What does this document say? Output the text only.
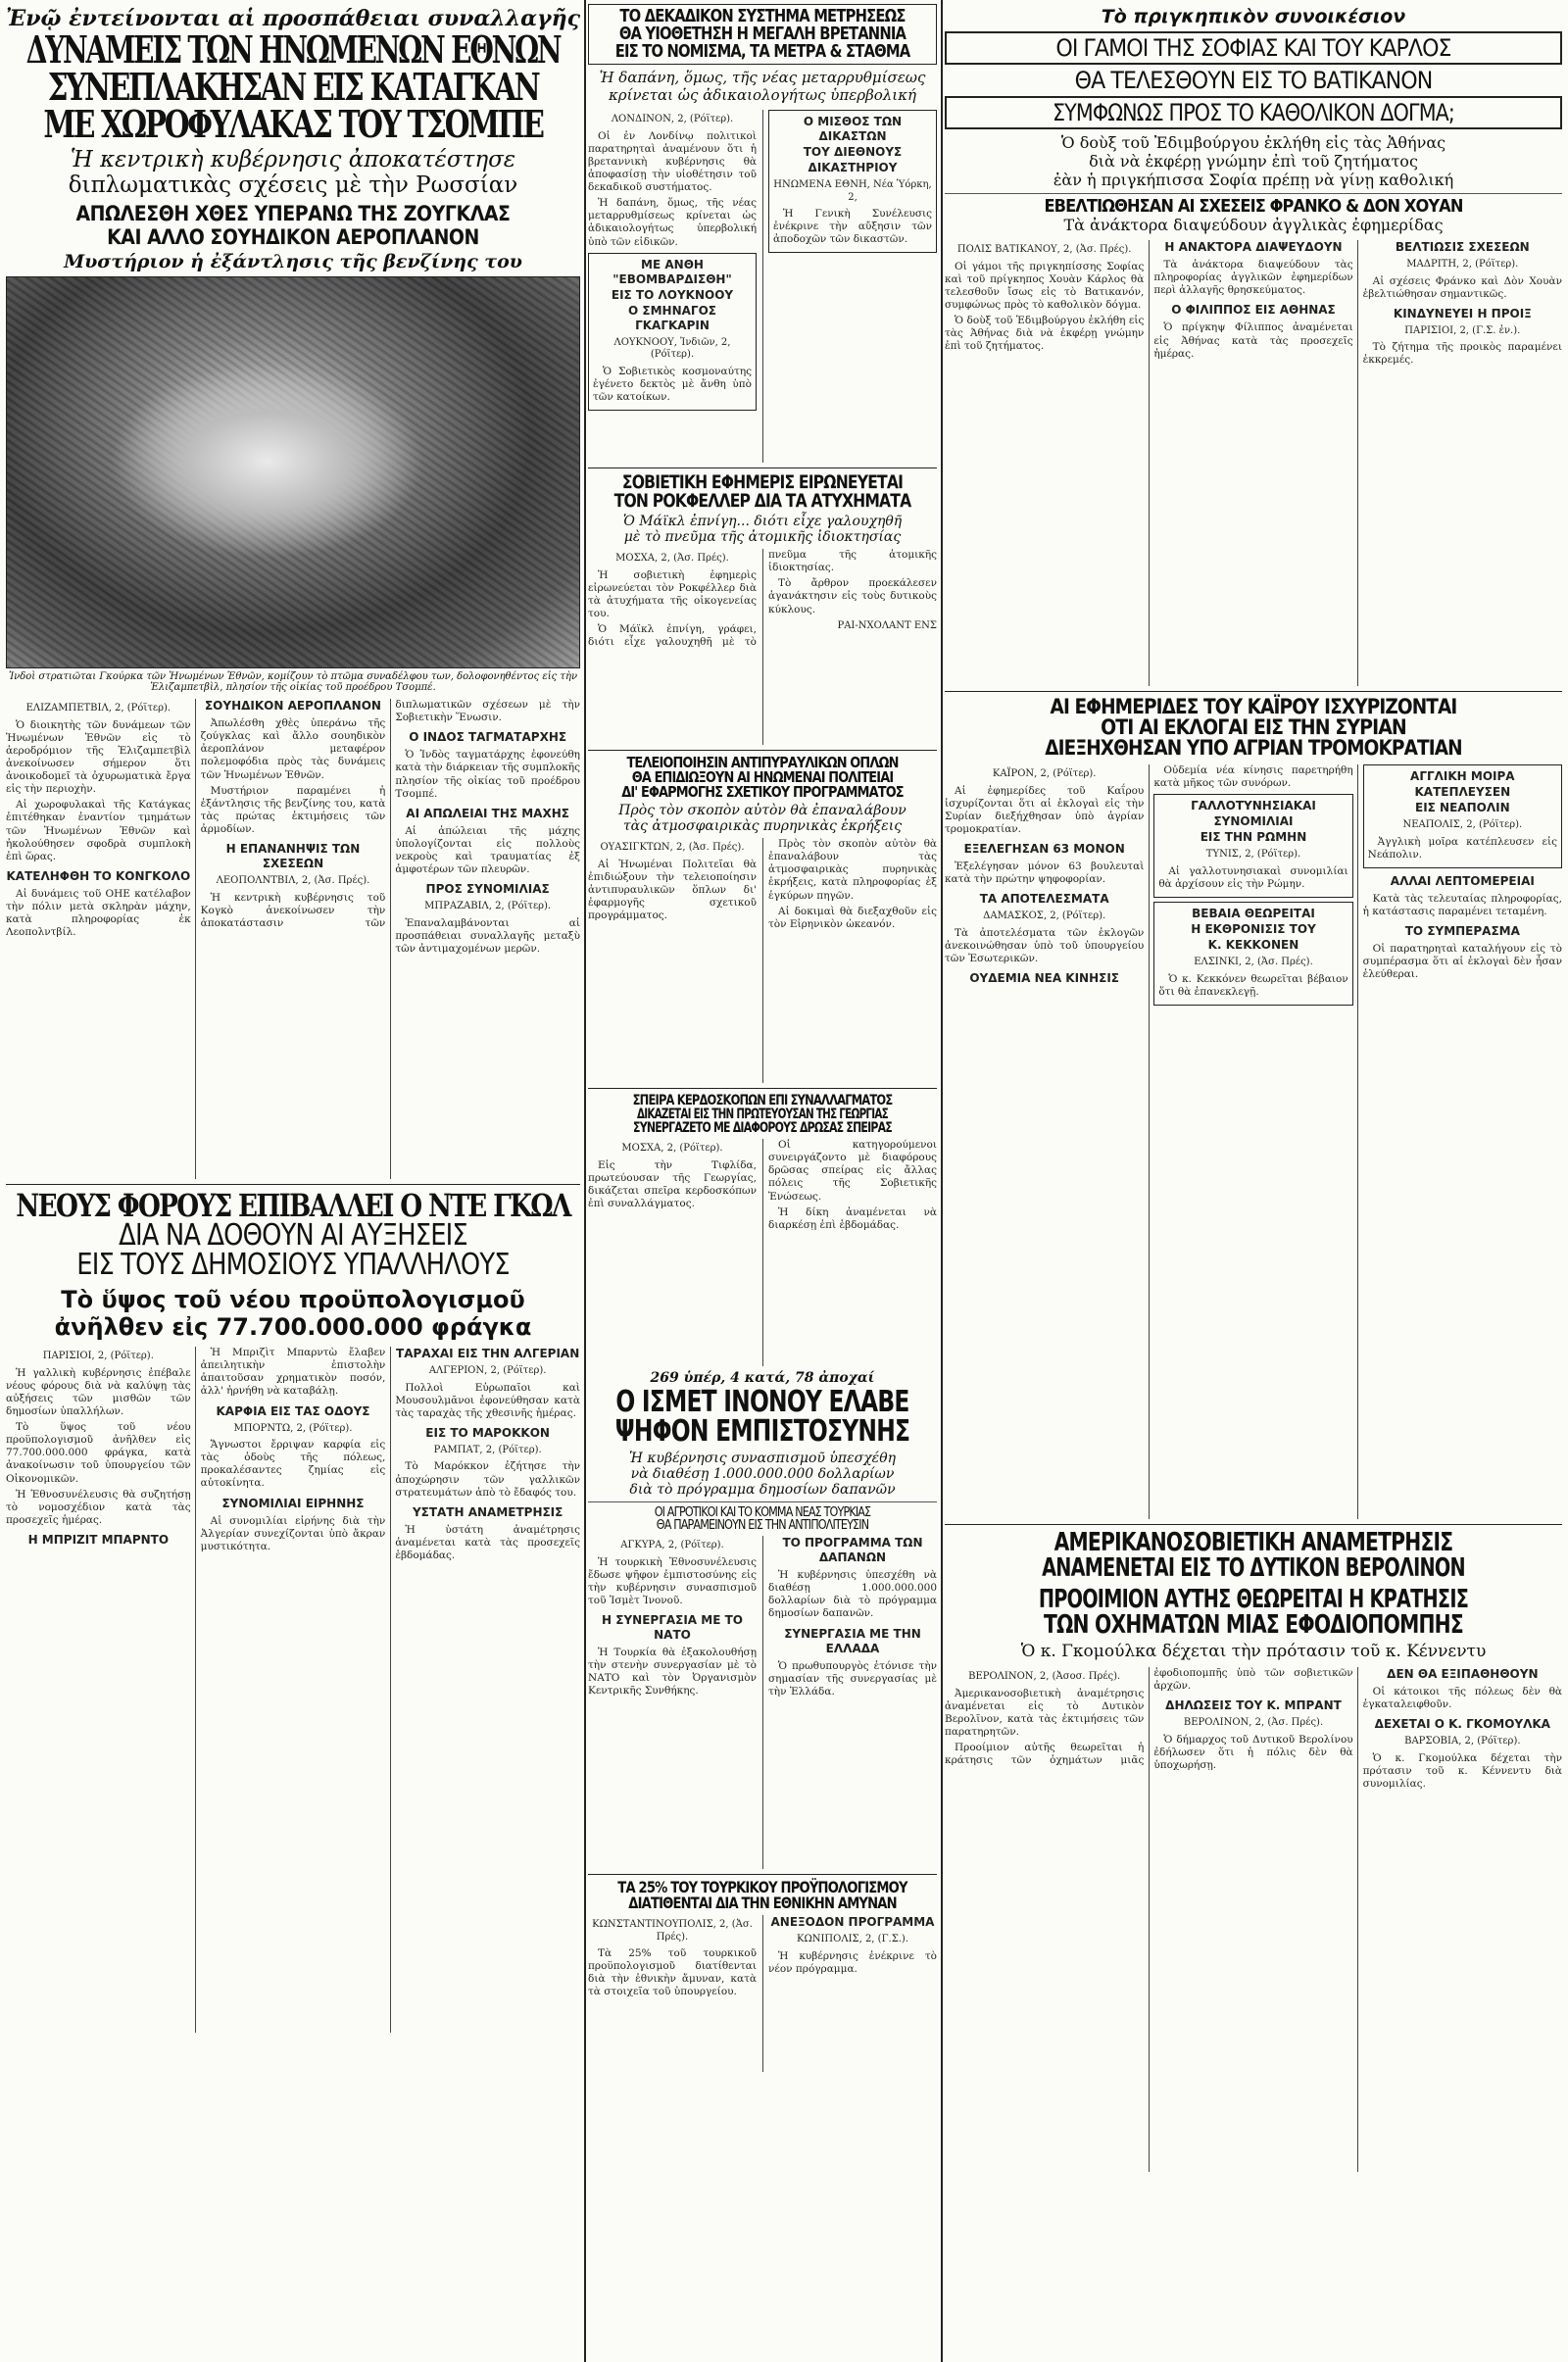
Ἐνῷ ἐντείνονται αἱ προσπάθειαι συναλλαγῆς
ΔΥΝΑΜΕΙΣ ΤΩΝ ΗΝΩΜΕΝΩΝ ΕΘΝΩΝ
ΣΥΝΕΠΛΑΚΗΣΑΝ ΕΙΣ ΚΑΤΑΓΚΑΝ
ΜΕ ΧΩΡΟΦΥΛΑΚΑΣ ΤΟΥ ΤΣΟΜΠΕ
Ἡ κεντρικὴ κυβέρνησις ἀποκατέστησε
διπλωματικὰς σχέσεις μὲ τὴν Ρωσσίαν
ΑΠΩΛΕΣΘΗ ΧΘΕΣ ΥΠΕΡΑΝΩ ΤΗΣ ΖΟΥΓΚΛΑΣ
ΚΑΙ ΑΛΛΟ ΣΟΥΗΔΙΚΟΝ ΑΕΡΟΠΛΑΝΟΝ
Μυστήριον ἡ ἐξάντλησις τῆς βενζίνης του
Ἰνδοὶ στρατιῶται Γκούρκα τῶν Ἡνωμένων Ἐθνῶν, κομίζουν τὸ πτῶμα συναδέλφου των, δολοφονηθέντος εἰς τὴν Ἐλιζαμπετβὶλ, πλησίον τῆς οἰκίας τοῦ προέδρου Τσομπέ.
ΕΛΙΖΑΜΠΕΤΒΙΛ, 2, (Ρόϊτερ).

Ὁ διοικητὴς τῶν δυνάμεων τῶν Ἡνωμένων Ἐθνῶν εἰς τὸ ἀεροδρόμιον τῆς Ἐλιζαμπετβὶλ ἀνεκοίνωσεν σήμερον ὅτι ἀνοικοδομεῖ τὰ ὀχυρωματικὰ ἔργα εἰς τὴν περιοχὴν.

Αἱ χωροφυλακαὶ τῆς Κατάγκας ἐπιτέθηκαν ἐναντίον τμημάτων τῶν Ἡνωμένων Ἐθνῶν καὶ ἠκολούθησεν σφοδρὰ συμπλοκὴ ἐπὶ ὥρας.

ΚΑΤΕΛΗΦΘΗ ΤΟ ΚΟΝΓΚΟΛΟ

Αἱ δυνάμεις τοῦ ΟΗΕ κατέλαβον τὴν πόλιν μετὰ σκληρὰν μάχην, κατὰ πληροφορίας ἐκ Λεοπολντβίλ.

ΣΟΥΗΔΙΚΟΝ ΑΕΡΟΠΛΑΝΟΝ

Ἀπωλέσθη χθὲς ὑπεράνω τῆς ζούγκλας καὶ ἄλλο σουηδικὸν ἀεροπλάνον μεταφέρον πολεμοφόδια πρὸς τὰς δυνάμεις τῶν Ἡνωμένων Ἐθνῶν.

Μυστήριον παραμένει ἡ ἐξάντλησις τῆς βενζίνης του, κατὰ τὰς πρώτας ἐκτιμήσεις τῶν ἀρμοδίων.

Η ΕΠΑΝΑΝΗΨΙΣ ΤΩΝ ΣΧΕΣΕΩΝ
ΛΕΟΠΟΛΝΤΒΙΛ, 2, (Ἀσ. Πρές).

Ἡ κεντρικὴ κυβέρνησις τοῦ Κογκὸ ἀνεκοίνωσεν τὴν ἀποκατάστασιν τῶν διπλωματικῶν σχέσεων μὲ τὴν Σοβιετικὴν Ἕνωσιν.

Ο ΙΝΔΟΣ ΤΑΓΜΑΤΑΡΧΗΣ

Ὁ Ἰνδὸς ταγματάρχης ἐφονεύθη κατὰ τὴν διάρκειαν τῆς συμπλοκῆς πλησίον τῆς οἰκίας τοῦ προέδρου Τσομπέ.

ΑΙ ΑΠΩΛΕΙΑΙ ΤΗΣ ΜΑΧΗΣ

Αἱ ἀπώλειαι τῆς μάχης ὑπολογίζονται εἰς πολλοὺς νεκροὺς καὶ τραυματίας ἐξ ἀμφοτέρων τῶν πλευρῶν.

ΠΡΟΣ ΣΥΝΟΜΙΛΙΑΣ
ΜΠΡΑΖΑΒΙΛ, 2, (Ρόϊτερ).

Ἐπαναλαμβάνονται αἱ προσπάθειαι συναλλαγῆς μεταξὺ τῶν ἀντιμαχομένων μερῶν.

ΝΕΟΥΣ ΦΟΡΟΥΣ ΕΠΙΒΑΛΛΕΙ Ο ΝΤΕ ΓΚΩΛ
ΔΙΑ ΝΑ ΔΟΘΟΥΝ ΑΙ ΑΥΞΗΣΕΙΣ
ΕΙΣ ΤΟΥΣ ΔΗΜΟΣΙΟΥΣ ΥΠΑΛΛΗΛΟΥΣ
Τὸ ὕψος τοῦ νέου προϋπολογισμοῦ
ἀνῆλθεν εἰς 77.700.000.000 φράγκα
ΠΑΡΙΣΙΟΙ, 2, (Ρόϊτερ).

Ἡ γαλλικὴ κυβέρνησις ἐπέβαλε νέους φόρους διὰ νὰ καλύψῃ τὰς αὐξήσεις τῶν μισθῶν τῶν δημοσίων ὑπαλλήλων.

Τὸ ὕψος τοῦ νέου προϋπολογισμοῦ ἀνῆλθεν εἰς 77.700.000.000 φράγκα, κατὰ ἀνακοίνωσιν τοῦ ὑπουργείου τῶν Οἰκονομικῶν.

Ἡ Ἐθνοσυνέλευσις θὰ συζητήσῃ τὸ νομοσχέδιον κατὰ τὰς προσεχεῖς ἡμέρας.

Η ΜΠΡΙΖΙΤ ΜΠΑΡΝΤΟ

Ἡ Μπριζὶτ Μπαρντὼ ἔλαβεν ἀπειλητικὴν ἐπιστολὴν ἀπαιτοῦσαν χρηματικὸν ποσόν, ἀλλ' ἠρνήθη νὰ καταβάλῃ.

ΚΑΡΦΙΑ ΕΙΣ ΤΑΣ ΟΔΟΥΣ
ΜΠΟΡΝΤΩ, 2, (Ρόϊτερ).

Ἄγνωστοι ἔρριψαν καρφία εἰς τὰς ὁδοὺς τῆς πόλεως, προκαλέσαντες ζημίας εἰς αὐτοκίνητα.

ΣΥΝΟΜΙΛΙΑΙ ΕΙΡΗΝΗΣ

Αἱ συνομιλίαι εἰρήνης διὰ τὴν Ἀλγερίαν συνεχίζονται ὑπὸ ἄκραν μυστικότητα.

ΤΑΡΑΧΑΙ ΕΙΣ ΤΗΝ ΑΛΓΕΡΙΑΝ
ΑΛΓΕΡΙΟΝ, 2, (Ρόϊτερ).

Πολλοὶ Εὐρωπαῖοι καὶ Μουσουλμᾶνοι ἐφονεύθησαν κατὰ τὰς ταραχὰς τῆς χθεσινῆς ἡμέρας.

ΕΙΣ ΤΟ ΜΑΡΟΚΚΟΝ
ΡΑΜΠΑΤ, 2, (Ρόϊτερ).

Τὸ Μαρόκκον ἐζήτησε τὴν ἀποχώρησιν τῶν γαλλικῶν στρατευμάτων ἀπὸ τὸ ἔδαφός του.

ΥΣΤΑΤΗ ΑΝΑΜΕΤΡΗΣΙΣ

Ἡ ὑστάτη ἀναμέτρησις ἀναμένεται κατὰ τὰς προσεχεῖς ἑβδομάδας.

ΤΟ ΔΕΚΑΔΙΚΟΝ ΣΥΣΤΗΜΑ ΜΕΤΡΗΣΕΩΣ
ΘΑ ΥΙΟΘΕΤΗΣΗ Η ΜΕΓΑΛΗ ΒΡΕΤΑΝΝΙΑ
ΕΙΣ ΤΟ ΝΟΜΙΣΜΑ, ΤΑ ΜΕΤΡΑ & ΣΤΑΘΜΑ
Ἡ δαπάνη, ὅμως, τῆς νέας μεταρρυθμίσεως
κρίνεται ὡς ἀδικαιολογήτως ὑπερβολική
ΛΟΝΔΙΝΟΝ, 2, (Ρόϊτερ).

Οἱ ἐν Λονδίνῳ πολιτικοὶ παρατηρηταὶ ἀναμένουν ὅτι ἡ βρεταννικὴ κυβέρνησις θὰ ἀποφασίσῃ τὴν υἱοθέτησιν τοῦ δεκαδικοῦ συστήματος.

Ἡ δαπάνη, ὅμως, τῆς νέας μεταρρυθμίσεως κρίνεται ὡς ἀδικαιολογήτως ὑπερβολική ὑπὸ τῶν εἰδικῶν.

ΜΕ ΑΝΘΗ "ΕΒΟΜΒΑΡΔΙΣΘΗ"
ΕΙΣ ΤΟ ΛΟΥΚΝΟΟΥ
Ο ΣΜΗΝΑΓΟΣ ΓΚΑΓΚΑΡΙΝ
ΛΟΥΚΝΟΟΥ, Ἰνδιῶν, 2, (Ρόϊτερ).

Ὁ Σοβιετικὸς κοσμοναύτης ἐγένετο δεκτὸς μὲ ἄνθη ὑπὸ τῶν κατοίκων.

Ο ΜΙΣΘΟΣ ΤΩΝ ΔΙΚΑΣΤΩΝ
ΤΟΥ ΔΙΕΘΝΟΥΣ
ΔΙΚΑΣΤΗΡΙΟΥ
ΗΝΩΜΕΝΑ ΕΘΝΗ, Νέα Ὑόρκη, 2,

Ἡ Γενικὴ Συνέλευσις ἐνέκρινε τὴν αὔξησιν τῶν ἀποδοχῶν τῶν δικαστῶν.

ΣΟΒΙΕΤΙΚΗ ΕΦΗΜΕΡΙΣ ΕΙΡΩΝΕΥΕΤΑΙ
ΤΟΝ ΡΟΚΦΕΛΛΕΡ ΔΙΑ ΤΑ ΑΤΥΧΗΜΑΤΑ
Ὁ Μάϊκλ ἐπνίγη... διότι εἶχε γαλουχηθῆ
μὲ τὸ πνεῦμα τῆς ἀτομικῆς ἰδιοκτησίας
ΜΟΣΧΑ, 2, (Ἀσ. Πρές).

Ἡ σοβιετικὴ ἐφημερὶς εἰρωνεύεται τὸν Ροκφέλλερ διὰ τὰ ἀτυχήματα τῆς οἰκογενείας του.

Ὁ Μάϊκλ ἐπνίγη, γράφει, διότι εἶχε γαλουχηθῆ μὲ τὸ πνεῦμα τῆς ἀτομικῆς ἰδιοκτησίας.

Τὸ ἄρθρον προεκάλεσεν ἀγανάκτησιν εἰς τοὺς δυτικοὺς κύκλους.

ΡΑΙ-ΝΧΟΛΑΝΤ ΕΝΣ
ΤΕΛΕΙΟΠΟΙΗΣΙΝ ΑΝΤΙΠΥΡΑΥΛΙΚΩΝ ΟΠΛΩΝ
ΘΑ ΕΠΙΔΙΩΞΟΥΝ ΑΙ ΗΝΩΜΕΝΑΙ ΠΟΛΙΤΕΙΑΙ
ΔΙ' ΕΦΑΡΜΟΓΗΣ ΣΧΕΤΙΚΟΥ ΠΡΟΓΡΑΜΜΑΤΟΣ
Πρὸς τὸν σκοπὸν αὐτὸν θὰ ἐπαναλάβουν
τὰς ἀτμοσφαιρικὰς πυρηνικὰς ἐκρήξεις
ΟΥΑΣΙΓΚΤΩΝ, 2, (Ἀσ. Πρές).

Αἱ Ἡνωμέναι Πολιτεῖαι θὰ ἐπιδιώξουν τὴν τελειοποίησιν ἀντιπυραυλικῶν ὅπλων δι' ἐφαρμογῆς σχετικοῦ προγράμματος.

Πρὸς τὸν σκοπὸν αὐτὸν θὰ ἐπαναλάβουν τὰς ἀτμοσφαιρικὰς πυρηνικὰς ἐκρήξεις, κατὰ πληροφορίας ἐξ ἐγκύρων πηγῶν.

Αἱ δοκιμαὶ θὰ διεξαχθοῦν εἰς τὸν Εἰρηνικὸν ὠκεανόν.

ΣΠΕΙΡΑ ΚΕΡΔΟΣΚΟΠΩΝ ΕΠΙ ΣΥΝΑΛΛΑΓΜΑΤΟΣ
ΔΙΚΑΖΕΤΑΙ ΕΙΣ ΤΗΝ ΠΡΩΤΕΥΟΥΣΑΝ ΤΗΣ ΓΕΩΡΓΙΑΣ
ΣΥΝΕΡΓΑΖΕΤΟ ΜΕ ΔΙΑΦΟΡΟΥΣ ΔΡΩΣΑΣ ΣΠΕΙΡΑΣ
ΜΟΣΧΑ, 2, (Ρόϊτερ).

Εἰς τὴν Τιφλίδα, πρωτεύουσαν τῆς Γεωργίας, δικάζεται σπεῖρα κερδοσκόπων ἐπὶ συναλλάγματος.

Οἱ κατηγορούμενοι συνειργάζοντο μὲ διαφόρους δρῶσας σπείρας εἰς ἄλλας πόλεις τῆς Σοβιετικῆς Ἑνώσεως.

Ἡ δίκη ἀναμένεται νὰ διαρκέσῃ ἐπὶ ἑβδομάδας.

269 ὑπέρ, 4 κατά, 78 ἀποχαί
Ο ΙΣΜΕΤ ΙΝΟΝΟΥ ΕΛΑΒΕ
ΨΗΦΟΝ ΕΜΠΙΣΤΟΣΥΝΗΣ
Ἡ κυβέρνησις συνασπισμοῦ ὑπεσχέθη
νὰ διαθέσῃ 1.000.000.000 δολλαρίων
διὰ τὸ πρόγραμμα δημοσίων δαπανῶν
ΟΙ ΑΓΡΟΤΙΚΟΙ ΚΑΙ ΤΟ ΚΟΜΜΑ ΝΕΑΣ ΤΟΥΡΚΙΑΣ
ΘΑ ΠΑΡΑΜΕΙΝΟΥΝ ΕΙΣ ΤΗΝ ΑΝΤΙΠΟΛΙΤΕΥΣΙΝ
ΑΓΚΥΡΑ, 2, (Ρόϊτερ).

Ἡ τουρκικὴ Ἐθνοσυνέλευσις ἔδωσε ψῆφον ἐμπιστοσύνης εἰς τὴν κυβέρνησιν συνασπισμοῦ τοῦ Ἰσμὲτ Ἰνονοῦ.

Η ΣΥΝΕΡΓΑΣΙΑ ΜΕ ΤΟ ΝΑΤΟ

Ἡ Τουρκία θὰ ἐξακολουθήσῃ τὴν στενὴν συνεργασίαν μὲ τὸ ΝΑΤΟ καὶ τὸν Ὀργανισμὸν Κεντρικῆς Συνθήκης.

ΤΟ ΠΡΟΓΡΑΜΜΑ ΤΩΝ ΔΑΠΑΝΩΝ

Ἡ κυβέρνησις ὑπεσχέθη νὰ διαθέσῃ 1.000.000.000 δολλαρίων διὰ τὸ πρόγραμμα δημοσίων δαπανῶν.

ΣΥΝΕΡΓΑΣΙΑ ΜΕ ΤΗΝ ΕΛΛΑΔΑ

Ὁ πρωθυπουργὸς ἐτόνισε τὴν σημασίαν τῆς συνεργασίας μὲ τὴν Ἑλλάδα.

ΤΑ 25% ΤΟΥ ΤΟΥΡΚΙΚΟΥ ΠΡΟΫΠΟΛΟΓΙΣΜΟΥ
ΔΙΑΤΙΘΕΝΤΑΙ ΔΙΑ ΤΗΝ ΕΘΝΙΚΗΝ ΑΜΥΝΑΝ
ΚΩΝΣΤΑΝΤΙΝΟΥΠΟΛΙΣ, 2, (Ἀσ. Πρές).

Τὰ 25% τοῦ τουρκικοῦ προϋπολογισμοῦ διατίθενται διὰ τὴν ἐθνικὴν ἄμυναν, κατὰ τὰ στοιχεῖα τοῦ ὑπουργείου.

ΑΝΕΞΟΔΟΝ ΠΡΟΓΡΑΜΜΑ
ΚΩΝΙΠΟΛΙΣ, 2, (Γ.Σ.).

Ἡ κυβέρνησις ἐνέκρινε τὸ νέον πρόγραμμα.

Τὸ πριγκηπικὸν συνοικέσιον
ΟΙ ΓΑΜΟΙ ΤΗΣ ΣΟΦΙΑΣ ΚΑΙ ΤΟΥ ΚΑΡΛΟΣ
ΘΑ ΤΕΛΕΣΘΟΥΝ ΕΙΣ ΤΟ ΒΑΤΙΚΑΝΟΝ
ΣΥΜΦΩΝΩΣ ΠΡΟΣ ΤΟ ΚΑΘΟΛΙΚΟΝ ΔΟΓΜΑ;
Ὁ δοὺξ τοῦ Ἐδιμβούργου ἐκλήθη εἰς τὰς Ἀθήνας
διὰ νὰ ἐκφέρῃ γνώμην ἐπὶ τοῦ ζητήματος
ἐὰν ἡ πριγκήπισσα Σοφία πρέπῃ νὰ γίνῃ καθολική
ΕΒΕΛΤΙΩΘΗΣΑΝ ΑΙ ΣΧΕΣΕΙΣ ΦΡΑΝΚΟ & ΔΟΝ ΧΟΥΑΝ
Τὰ ἀνάκτορα διαψεύδουν ἀγγλικὰς ἐφημερίδας
ΠΟΛΙΣ ΒΑΤΙΚΑΝΟΥ, 2, (Ἀσ. Πρές).

Οἱ γάμοι τῆς πριγκηπίσσης Σοφίας καὶ τοῦ πρίγκηπος Χουὰν Κάρλος θὰ τελεσθοῦν ἴσως εἰς τὸ Βατικανόν, συμφώνως πρὸς τὸ καθολικὸν δόγμα.

Ὁ δοὺξ τοῦ Ἐδιμβούργου ἐκλήθη εἰς τὰς Ἀθήνας διὰ νὰ ἐκφέρῃ γνώμην ἐπὶ τοῦ ζητήματος.

Η ΑΝΑΚΤΟΡΑ ΔΙΑΨΕΥΔΟΥΝ

Τὰ ἀνάκτορα διαψεύδουν τὰς πληροφορίας ἀγγλικῶν ἐφημερίδων περὶ ἀλλαγῆς θρησκεύματος.

Ο ΦΙΛΙΠΠΟΣ ΕΙΣ ΑΘΗΝΑΣ

Ὁ πρίγκηψ Φίλιππος ἀναμένεται εἰς Ἀθήνας κατὰ τὰς προσεχεῖς ἡμέρας.

ΒΕΛΤΙΩΣΙΣ ΣΧΕΣΕΩΝ
ΜΑΔΡΙΤΗ, 2, (Ρόϊτερ).

Αἱ σχέσεις Φράνκο καὶ Δὸν Χουὰν ἐβελτιώθησαν σημαντικῶς.

ΚΙΝΔΥΝΕΥΕΙ Η ΠΡΟΙΞ
ΠΑΡΙΣΙΟΙ, 2, (Γ.Σ. ἐν.).

Τὸ ζήτημα τῆς προικὸς παραμένει ἐκκρεμές.

ΑΙ ΕΦΗΜΕΡΙΔΕΣ ΤΟΥ ΚΑΪΡΟΥ ΙΣΧΥΡΙΖΟΝΤΑΙ
ΟΤΙ ΑΙ ΕΚΛΟΓΑΙ ΕΙΣ ΤΗΝ ΣΥΡΙΑΝ
ΔΙΕΞΗΧΘΗΣΑΝ ΥΠΟ ΑΓΡΙΑΝ ΤΡΟΜΟΚΡΑΤΙΑΝ
ΚΑΪΡΟΝ, 2, (Ρόϊτερ).

Αἱ ἐφημερίδες τοῦ Καΐρου ἰσχυρίζονται ὅτι αἱ ἐκλογαὶ εἰς τὴν Συρίαν διεξήχθησαν ὑπὸ ἀγρίαν τρομοκρατίαν.

ΕΞΕΛΕΓΗΣΑΝ 63 ΜΟΝΟΝ

Ἐξελέγησαν μόνον 63 βουλευταὶ κατὰ τὴν πρώτην ψηφοφορίαν.

ΤΑ ΑΠΟΤΕΛΕΣΜΑΤΑ
ΔΑΜΑΣΚΟΣ, 2, (Ρόϊτερ).

Τὰ ἀποτελέσματα τῶν ἐκλογῶν ἀνεκοινώθησαν ὑπὸ τοῦ ὑπουργείου τῶν Ἐσωτερικῶν.

ΟΥΔΕΜΙΑ ΝΕΑ ΚΙΝΗΣΙΣ

Οὐδεμία νέα κίνησις παρετηρήθη κατὰ μῆκος τῶν συνόρων.

ΓΑΛΛΟΤΥΝΗΣΙΑΚΑΙ
ΣΥΝΟΜΙΛΙΑΙ
ΕΙΣ ΤΗΝ ΡΩΜΗΝ
ΤΥΝΙΣ, 2, (Ρόϊτερ).

Αἱ γαλλοτυνησιακαὶ συνομιλίαι θὰ ἀρχίσουν εἰς τὴν Ρώμην.

ΒΕΒΑΙΑ ΘΕΩΡΕΙΤΑΙ
Η ΕΚΘΡΟΝΙΣΙΣ ΤΟΥ
Κ. ΚΕΚΚΟΝΕΝ
ΕΛΣΙΝΚΙ, 2, (Ἀσ. Πρές).

Ὁ κ. Κεκκόνεν θεωρεῖται βέβαιον ὅτι θὰ ἐπανεκλεγῇ.

ΑΓΓΛΙΚΗ ΜΟΙΡΑ
ΚΑΤΕΠΛΕΥΣΕΝ
ΕΙΣ ΝΕΑΠΟΛΙΝ
ΝΕΑΠΟΛΙΣ, 2, (Ρόϊτερ).

Ἀγγλικὴ μοῖρα κατέπλευσεν εἰς Νεάπολιν.

ΑΛΛΑΙ ΛΕΠΤΟΜΕΡΕΙΑΙ

Κατὰ τὰς τελευταίας πληροφορίας, ἡ κατάστασις παραμένει τεταμένη.

ΤΟ ΣΥΜΠΕΡΑΣΜΑ

Οἱ παρατηρηταὶ καταλήγουν εἰς τὸ συμπέρασμα ὅτι αἱ ἐκλογαὶ δὲν ἦσαν ἐλεύθεραι.

ΑΜΕΡΙΚΑΝΟΣΟΒΙΕΤΙΚΗ ΑΝΑΜΕΤΡΗΣΙΣ
ΑΝΑΜΕΝΕΤΑΙ ΕΙΣ ΤΟ ΔΥΤΙΚΟΝ ΒΕΡΟΛΙΝΟΝ
ΠΡΟΟΙΜΙΟΝ ΑΥΤΗΣ ΘΕΩΡΕΙΤΑΙ Η ΚΡΑΤΗΣΙΣ
ΤΩΝ ΟΧΗΜΑΤΩΝ ΜΙΑΣ ΕΦΟΔΙΟΠΟΜΠΗΣ
Ὁ κ. Γκομούλκα δέχεται τὴν πρότασιν τοῦ κ. Κέννεντυ
ΒΕΡΟΛΙΝΟΝ, 2, (Ἀσοσ. Πρές).

Ἀμερικανοσοβιετικὴ ἀναμέτρησις ἀναμένεται εἰς τὸ Δυτικὸν Βερολῖνον, κατὰ τὰς ἐκτιμήσεις τῶν παρατηρητῶν.

Προοίμιον αὐτῆς θεωρεῖται ἡ κράτησις τῶν ὀχημάτων μιᾶς ἐφοδιοπομπῆς ὑπὸ τῶν σοβιετικῶν ἀρχῶν.

ΔΗΛΩΣΕΙΣ ΤΟΥ Κ. ΜΠΡΑΝΤ
ΒΕΡΟΛΙΝΟΝ, 2, (Ἀσ. Πρές).

Ὁ δήμαρχος τοῦ Δυτικοῦ Βερολίνου ἐδήλωσεν ὅτι ἡ πόλις δὲν θὰ ὑποχωρήσῃ.

ΔΕΝ ΘΑ ΕΞΙΠΑΘΗΘΟΥΝ

Οἱ κάτοικοι τῆς πόλεως δὲν θὰ ἐγκαταλειφθοῦν.

ΔΕΧΕΤΑΙ Ο Κ. ΓΚΟΜΟΥΛΚΑ
ΒΑΡΣΟΒΙΑ, 2, (Ρόϊτερ).

Ὁ κ. Γκομούλκα δέχεται τὴν πρότασιν τοῦ κ. Κέννεντυ διὰ συνομιλίας.
